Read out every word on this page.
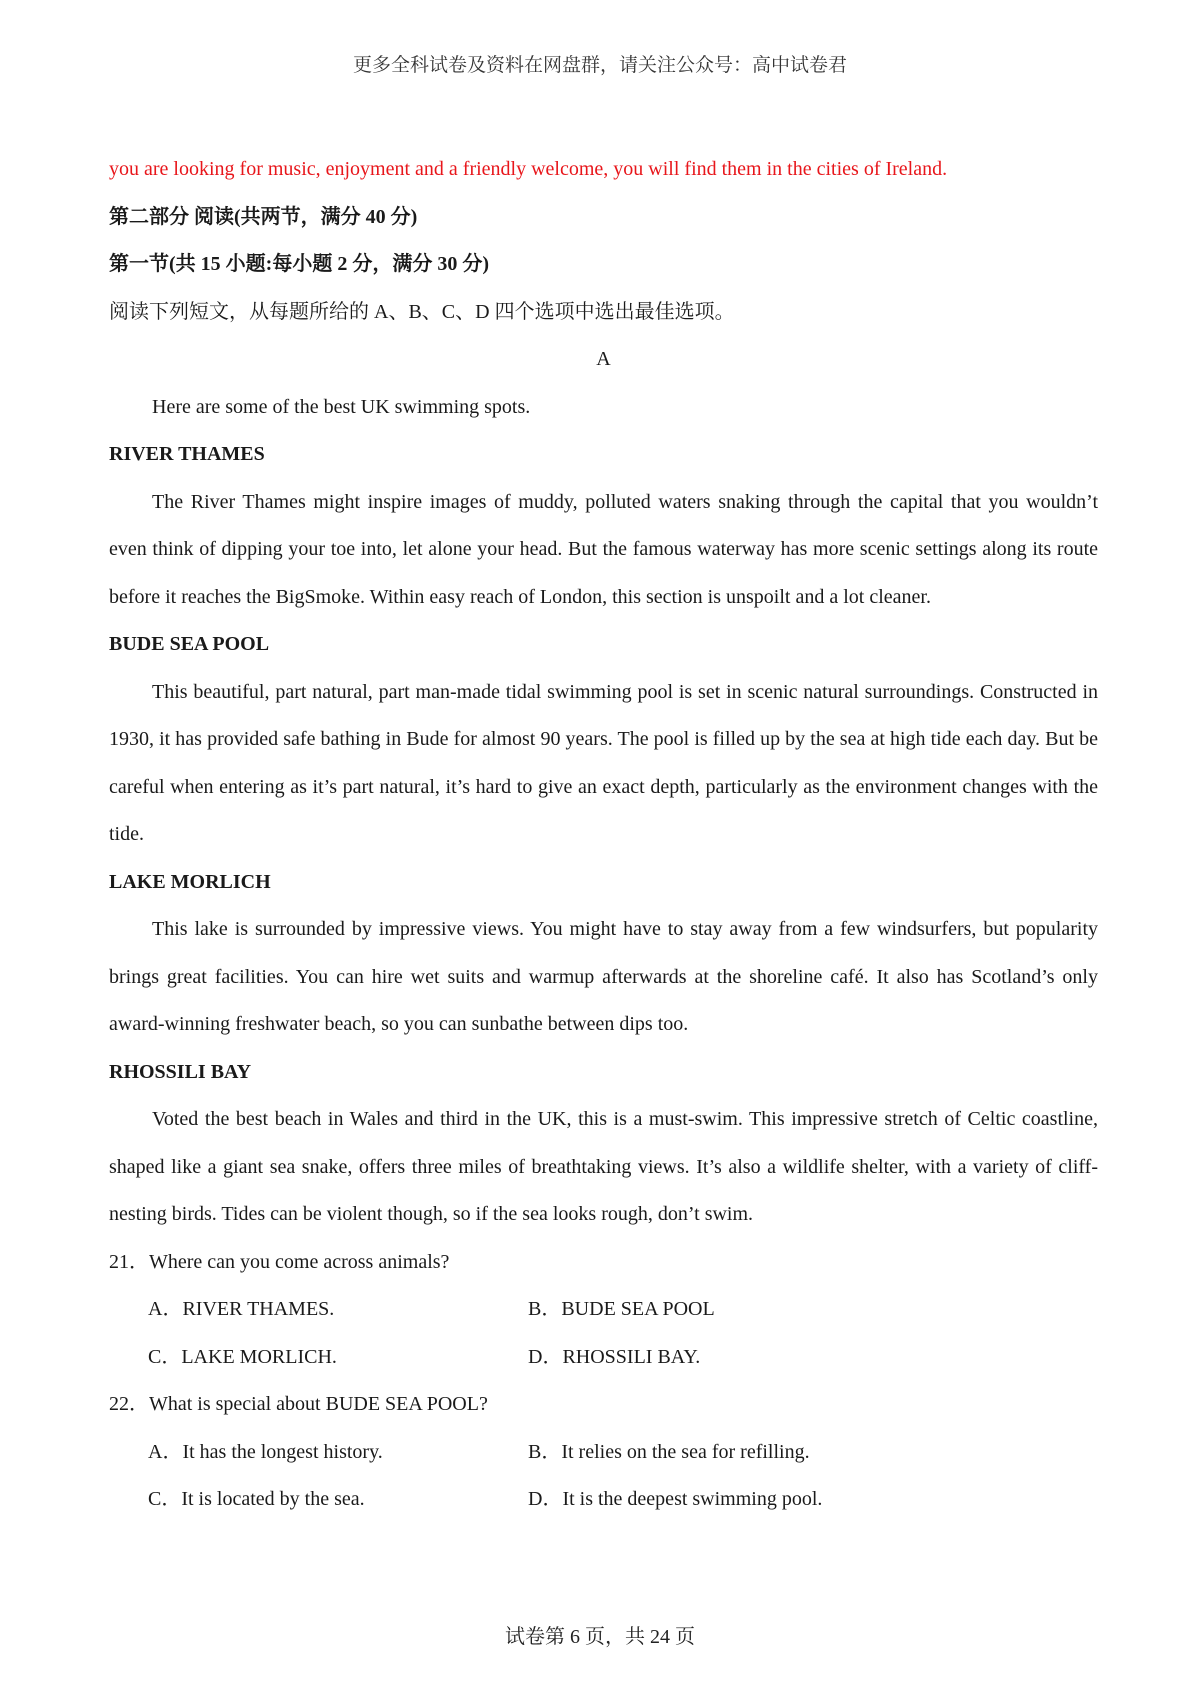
更多全科试卷及资料在网盘群，请关注公众号：高中试卷君
you are looking for music, enjoyment and a friendly welcome, you will find them in the cities of Ireland.
第二部分 阅读(共两节，满分 40 分)
第一节(共 15 小题:每小题 2 分，满分 30 分)
阅读下列短文，从每题所给的 A、B、C、D 四个选项中选出最佳选项。
A

Here are some of the best UK swimming spots.

RIVER THAMES

The River Thames might inspire images of muddy, polluted waters snaking through the capital that you wouldn’t even think of dipping your toe into, let alone your head. But the famous waterway has more scenic settings along its route before it reaches the BigSmoke. Within easy reach of London, this section is unspoilt and a lot cleaner.

BUDE SEA POOL

This beautiful, part natural, part man-made tidal swimming pool is set in scenic natural surroundings. Constructed in 1930, it has provided safe bathing in Bude for almost 90 years. The pool is filled up by the sea at high tide each day. But be careful when entering as it’s part natural, it’s hard to give an exact depth, particularly as the environment changes with the tide.

LAKE MORLICH

This lake is surrounded by impressive views. You might have to stay away from a few windsurfers, but popularity brings great facilities. You can hire wet suits and warmup afterwards at the shoreline café. It also has Scotland’s only award-winning freshwater beach, so you can sunbathe between dips too.

RHOSSILI BAY

Voted the best beach in Wales and third in the UK, this is a must-swim. This impressive stretch of Celtic coastline, shaped like a giant sea snake, offers three miles of breathtaking views. It’s also a wildlife shelter, with a variety of cliff-nesting birds. Tides can be violent though, so if the sea looks rough, don’t swim.

21．Where can you come across animals?
A．RIVER THAMES.	B．BUDE SEA POOL
C．LAKE MORLICH.	D．RHOSSILI BAY.
22．What is special about BUDE SEA POOL?
A．It has the longest history.	B．It relies on the sea for refilling.
C．It is located by the sea.	D．It is the deepest swimming pool.
试卷第 6 页，共 24 页
